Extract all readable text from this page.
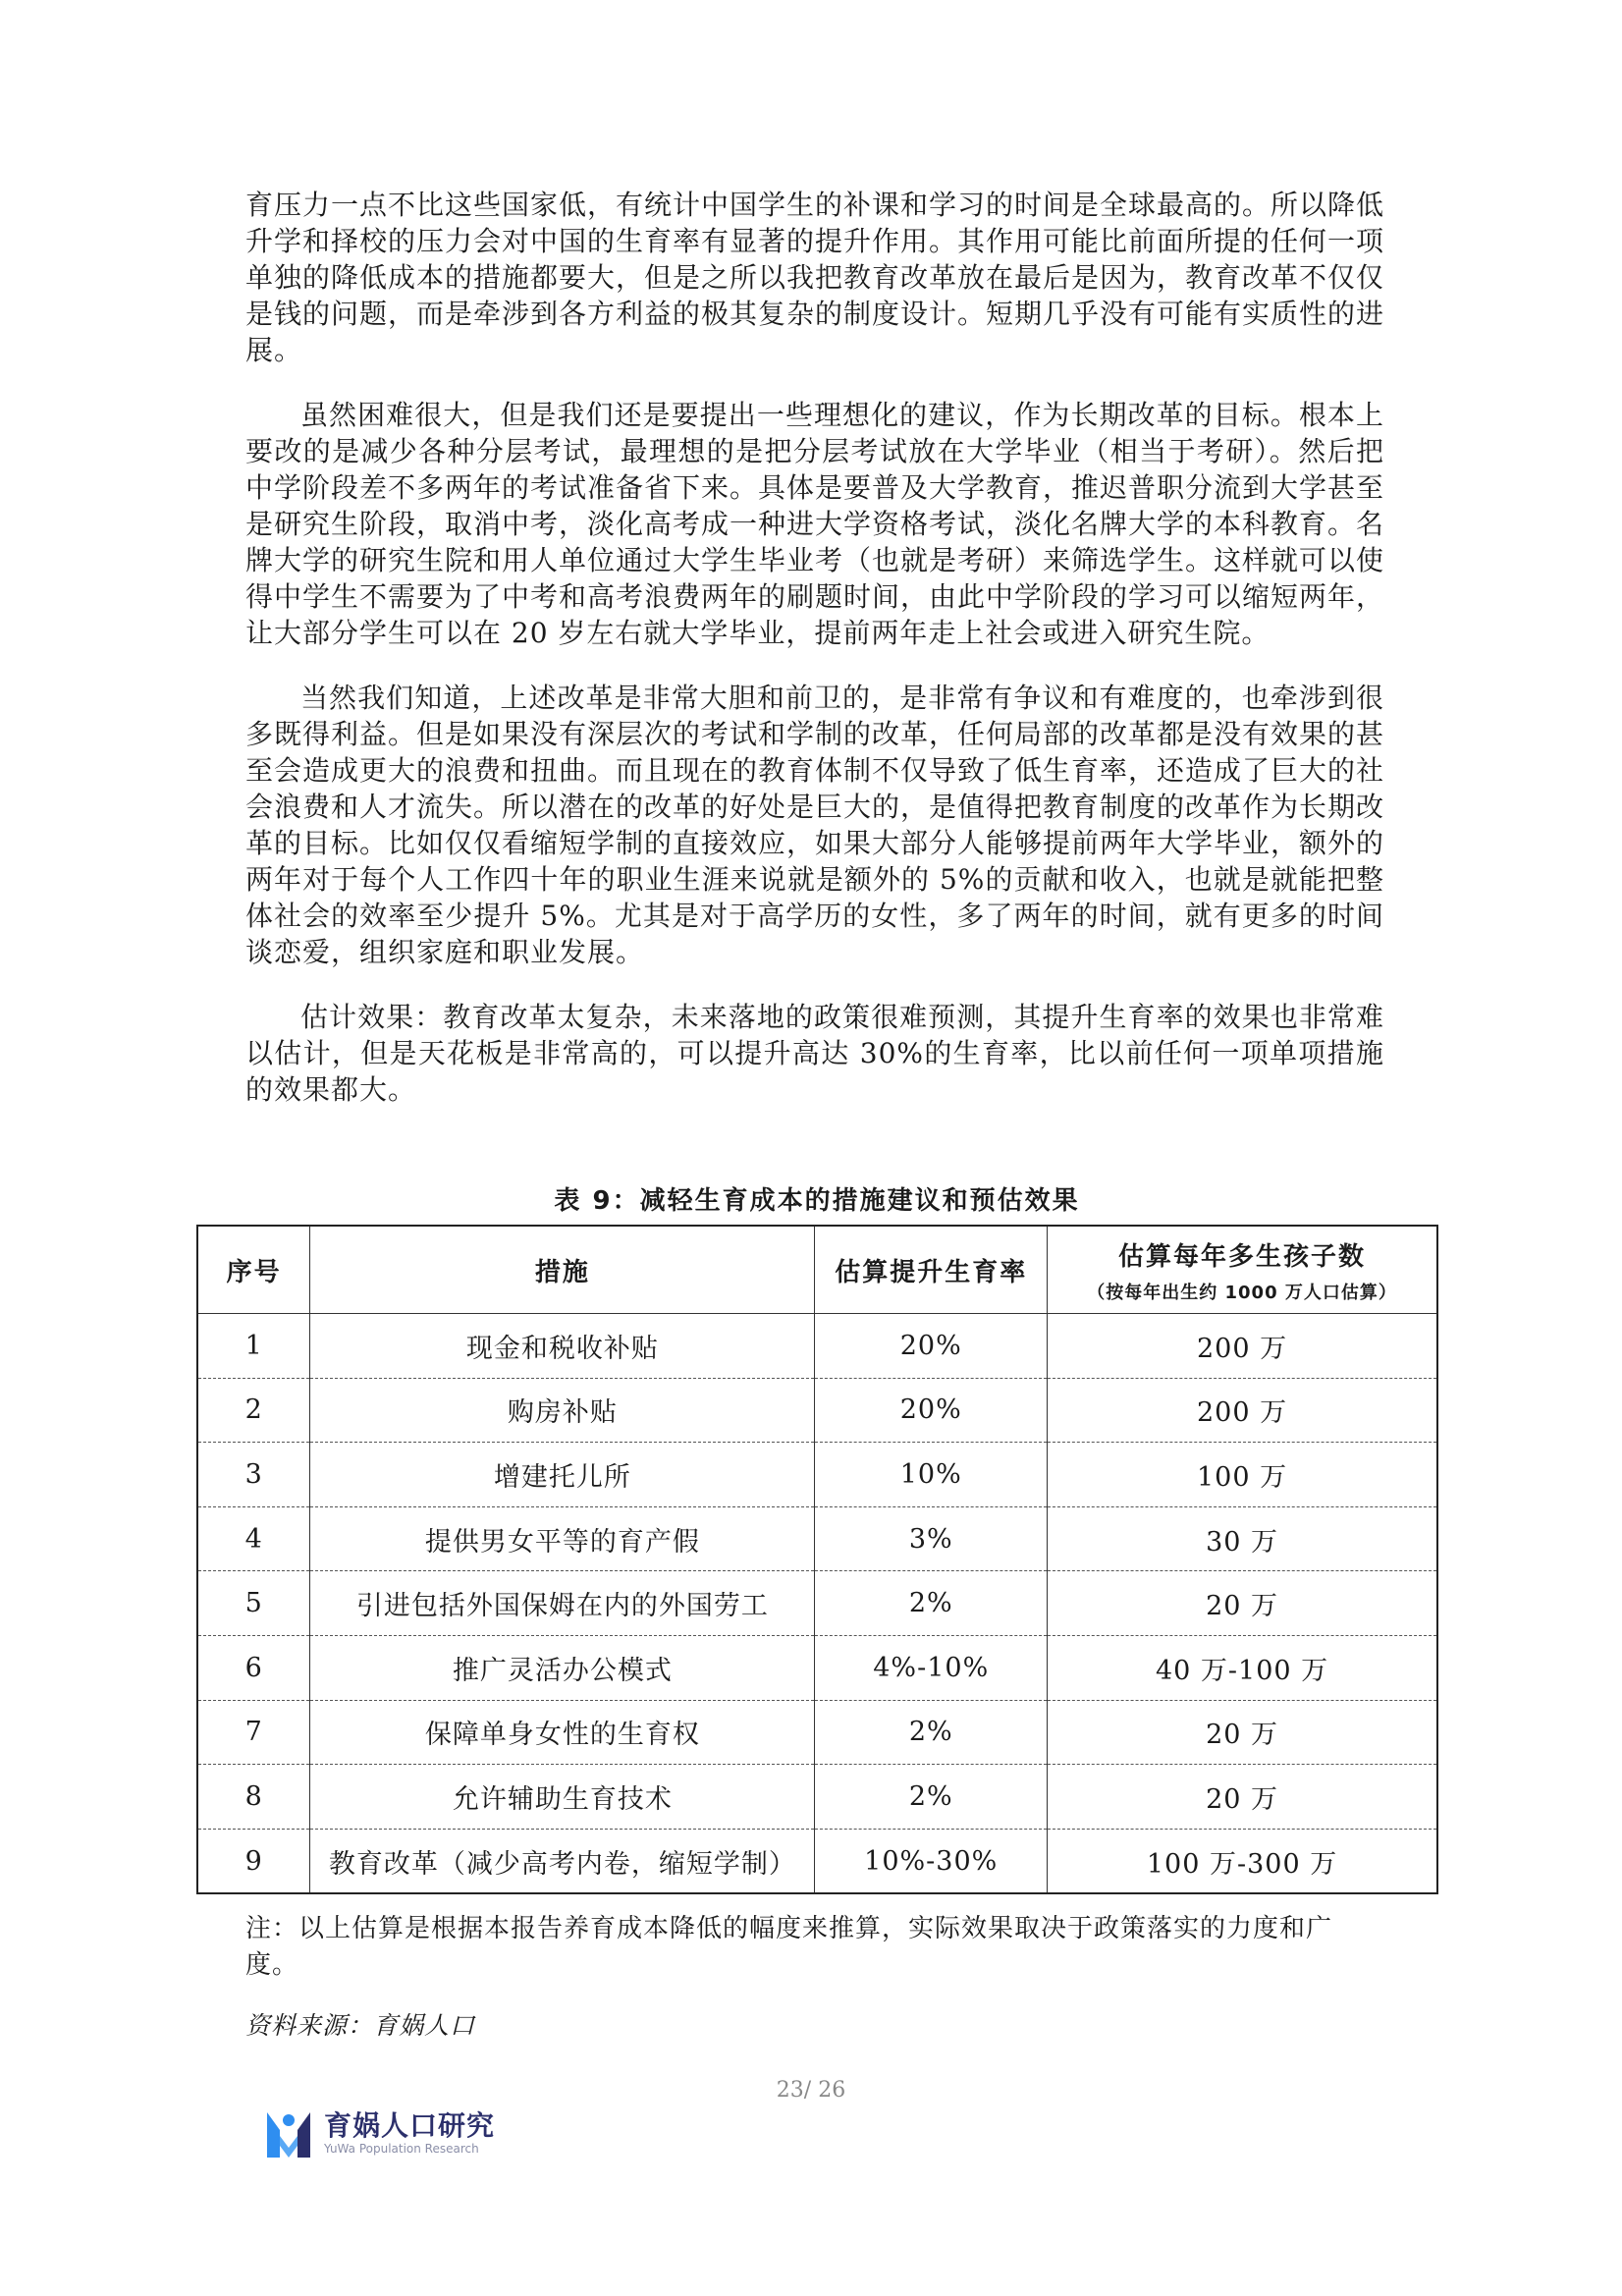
育压力一点不比这些国家低，有统计中国学生的补课和学习的时间是全球最高的。所以降低升学和择校的压力会对中国的生育率有显著的提升作用。其作用可能比前面所提的任何一项单独的降低成本的措施都要大，但是之所以我把教育改革放在最后是因为，教育改革不仅仅是钱的问题，而是牵涉到各方利益的极其复杂的制度设计。短期几乎没有可能有实质性的进展。

虽然困难很大，但是我们还是要提出一些理想化的建议，作为长期改革的目标。根本上要改的是减少各种分层考试，最理想的是把分层考试放在大学毕业（相当于考研）。然后把中学阶段差不多两年的考试准备省下来。具体是要普及大学教育，推迟普职分流到大学甚至是研究生阶段，取消中考，淡化高考成一种进大学资格考试，淡化名牌大学的本科教育。名牌大学的研究生院和用人单位通过大学生毕业考（也就是考研）来筛选学生。这样就可以使得中学生不需要为了中考和高考浪费两年的刷题时间，由此中学阶段的学习可以缩短两年，让大部分学生可以在 20 岁左右就大学毕业，提前两年走上社会或进入研究生院。

当然我们知道，上述改革是非常大胆和前卫的，是非常有争议和有难度的，也牵涉到很多既得利益。但是如果没有深层次的考试和学制的改革，任何局部的改革都是没有效果的甚至会造成更大的浪费和扭曲。而且现在的教育体制不仅导致了低生育率，还造成了巨大的社会浪费和人才流失。所以潜在的改革的好处是巨大的，是值得把教育制度的改革作为长期改革的目标。比如仅仅看缩短学制的直接效应，如果大部分人能够提前两年大学毕业，额外的两年对于每个人工作四十年的职业生涯来说就是额外的 5%的贡献和收入，也就是就能把整体社会的效率至少提升 5%。尤其是对于高学历的女性，多了两年的时间，就有更多的时间谈恋爱，组织家庭和职业发展。

估计效果：教育改革太复杂，未来落地的政策很难预测，其提升生育率的效果也非常难以估计，但是天花板是非常高的，可以提升高达 30%的生育率，比以前任何一项单项措施的效果都大。

表 9：减轻生育成本的措施建议和预估效果
序号	措施	估算提升生育率	估算每年多生孩子数
（按每年出生约 1000 万人口估算）

1	现金和税收补贴	20%	200 万
2	购房补贴	20%	200 万
3	增建托儿所	10%	100 万
4	提供男女平等的育产假	3%	30 万
5	引进包括外国保姆在内的外国劳工	2%	20 万
6	推广灵活办公模式	4%-10%	40 万-100 万
7	保障单身女性的生育权	2%	20 万
8	允许辅助生育技术	2%	20 万
9	教育改革（减少高考内卷，缩短学制）	10%-30%	100 万-300 万
注：以上估算是根据本报告养育成本降低的幅度来推算，实际效果取决于政策落实的力度和广度。
资料来源：育娲人口
23/ 26
育娲人口研究
YuWa Population Research
